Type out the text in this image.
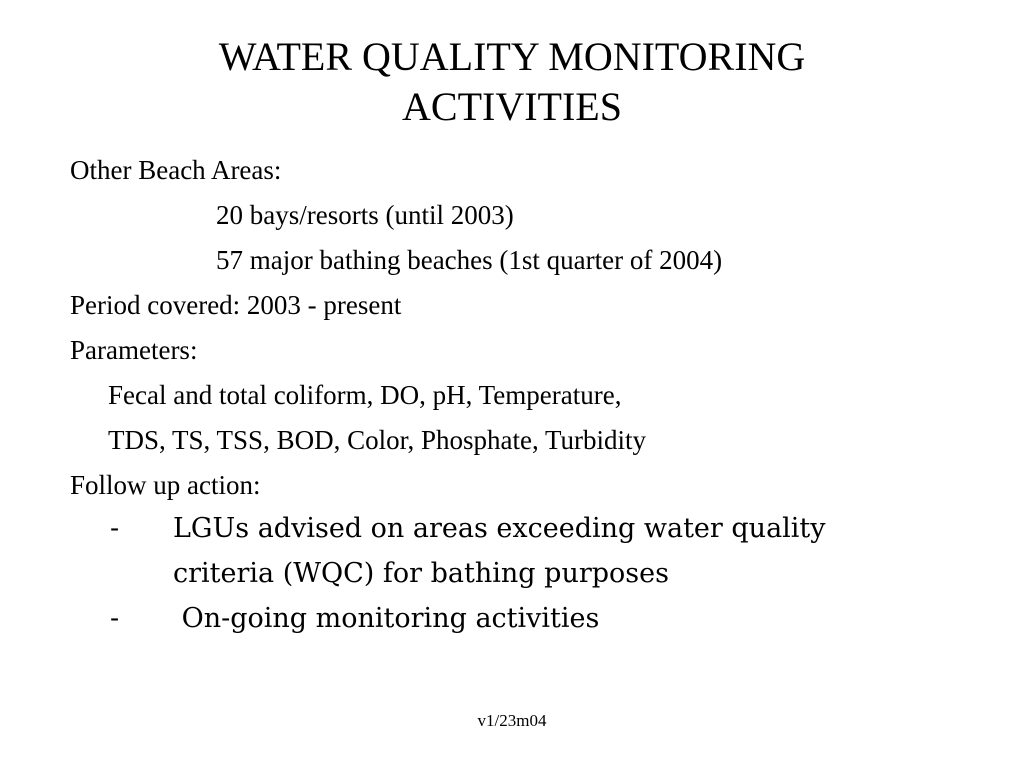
WATER QUALITY MONITORING
ACTIVITIES
Other Beach Areas:
20 bays/resorts (until 2003)
57 major bathing beaches (1st quarter of 2004)
Period covered: 2003 - present
Parameters:
Fecal and total coliform, DO, pH, Temperature,
TDS, TS, TSS, BOD, Color, Phosphate, Turbidity
Follow up action:
- LGUs advised on areas exceeding water quality
criteria (WQC) for bathing purposes
- On-going monitoring activities
v1/23m04
